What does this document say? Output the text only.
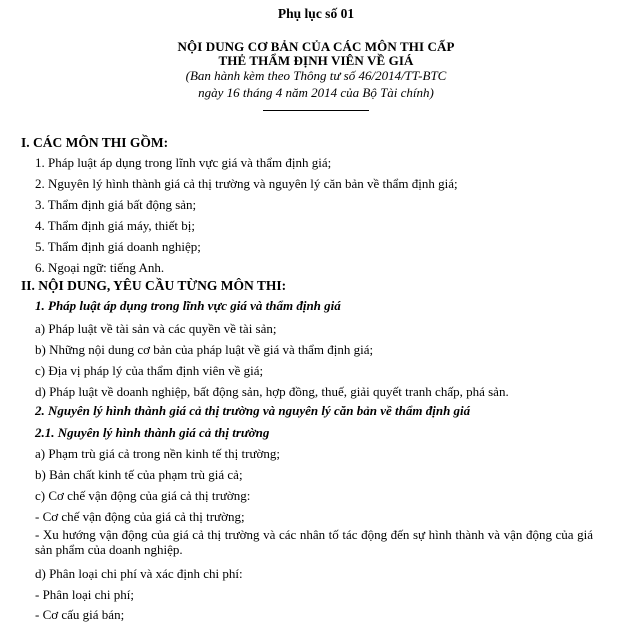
Phụ lục số 01
NỘI DUNG CƠ BẢN CỦA CÁC MÔN THI CẤP
THẺ THẨM ĐỊNH VIÊN VỀ GIÁ
(Ban hành kèm theo Thông tư số 46/2014/TT-BTC
ngày 16 tháng 4 năm 2014 của Bộ Tài chính)
I. CÁC MÔN THI GỒM:
1. Pháp luật áp dụng trong lĩnh vực giá và thẩm định giá;
2. Nguyên lý hình thành giá cả thị trường và nguyên lý căn bản về thẩm định giá;
3. Thẩm định giá bất động sản;
4. Thẩm định giá máy, thiết bị;
5. Thẩm định giá doanh nghiệp;
6. Ngoại ngữ: tiếng Anh.
II. NỘI DUNG, YÊU CẦU TỪNG MÔN THI:
1. Pháp luật áp dụng trong lĩnh vực giá và thẩm định giá
a) Pháp luật về tài sản và các quyền về tài sản;
b) Những nội dung cơ bản của pháp luật về giá và thẩm định giá;
c) Địa vị pháp lý của thẩm định viên về giá;
d) Pháp luật về doanh nghiệp, bất động sản, hợp đồng, thuế, giải quyết tranh chấp, phá sản.
2. Nguyên lý hình thành giá cả thị trường và nguyên lý căn bản về thẩm định giá
2.1. Nguyên lý hình thành giá cả thị trường
a) Phạm trù giá cả trong nền kinh tế thị trường;
b) Bản chất kinh tế của phạm trù giá cả;
c) Cơ chế vận động của giá cả thị trường:
- Cơ chế vận động của giá cả thị trường;
- Xu hướng vận động của giá cả thị trường và các nhân tố tác động đến sự hình thành và vận động của giá sản phẩm của doanh nghiệp.
d) Phân loại chi phí và xác định chi phí:
- Phân loại chi phí;
- Cơ cấu giá bán;
